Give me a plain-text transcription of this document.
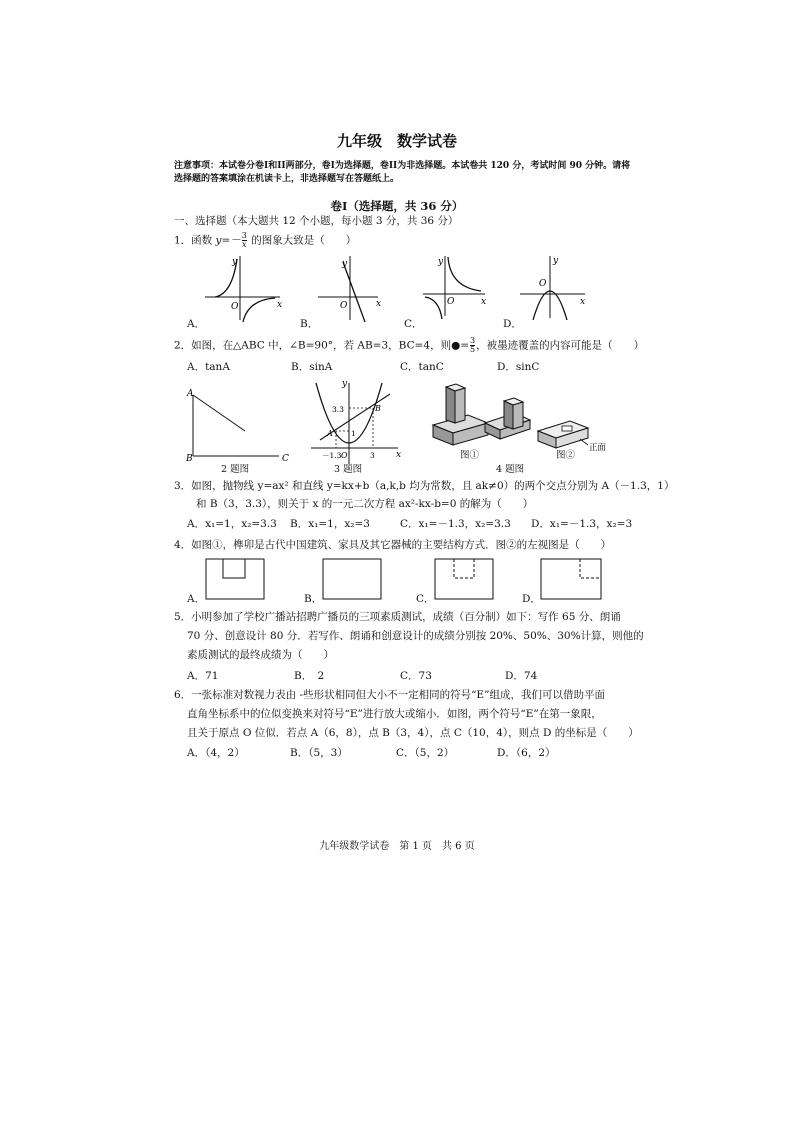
九年级　数学试卷
注意事项：本试卷分卷I和II两部分，卷I为选择题，卷II为非选择题。本试卷共 120 分，考试时间 90 分钟。请将选择题的答案填涂在机读卡上，非选择题写在答题纸上。
卷I（选择题，共 36 分）
一、选择题（本大题共 12 个小题，每小题 3 分，共 36 分）
1．函数 $y=- \frac{3}{x}$ 的图象大致是（　　）
y
x
O
A．
y
x
O
B．
y
x
O
C．
y
x
O
D．
2．如图，在△ABC 中，∠B=90°，若 AB=3，BC=4，则●= $\frac{3}{5}$ ，被墨迹覆盖的内容可能是（　　）
A．tanA	B．sinA	C．tanC	D．sinC
A
B	C
2 题图
y
x
O
A
B
3.3
1
－1.3	3
3 题图
正面
图①	图②
4 题图
3．如图，抛物线 y=ax² 和直线 y=kx+b（a,k,b 均为常数，且 ak≠0）的两个交点分别为 A（－1.3，1）
和 B（3，3.3），则关于 x 的一元二次方程 ax²-kx-b=0 的解为（　　）
A．x₁=1，x₂=3.3 B．x₁=1，x₂=3	C．x₁=－1.3，x₂=3.3 D．x₁=－1.3，x₂=3
4．如图①，榫卯是古代中国建筑、家具及其它器械的主要结构方式．图②的左视图是（　　）
A．	B．	C．	D．
5．小明参加了学校广播站招聘广播员的三项素质测试，成绩（百分制）如下：写作 65 分、朗诵
70 分、创意设计 80 分．若写作、朗诵和创意设计的成绩分别按 20%、50%、30%计算，则他的
素质测试的最终成绩为（　　）
A．71	B．　2	C．73	D．74
6．一张标准对数视力表由 -些形状相同但大小不一定相同的符号“E”组成，我们可以借助平面
直角坐标系中的位似变换来对符号“E”进行放大或缩小．如图，两个符号“E”在第一象限，
且关于原点 O 位似．若点 A（6，8），点 B（3，4），点 C（10，4），则点 D 的坐标是（　　）
A．（4，2）	B．（5，3）	C．（5，2）	D．（6，2）
九年级数学试卷　第 1 页　共 6 页
